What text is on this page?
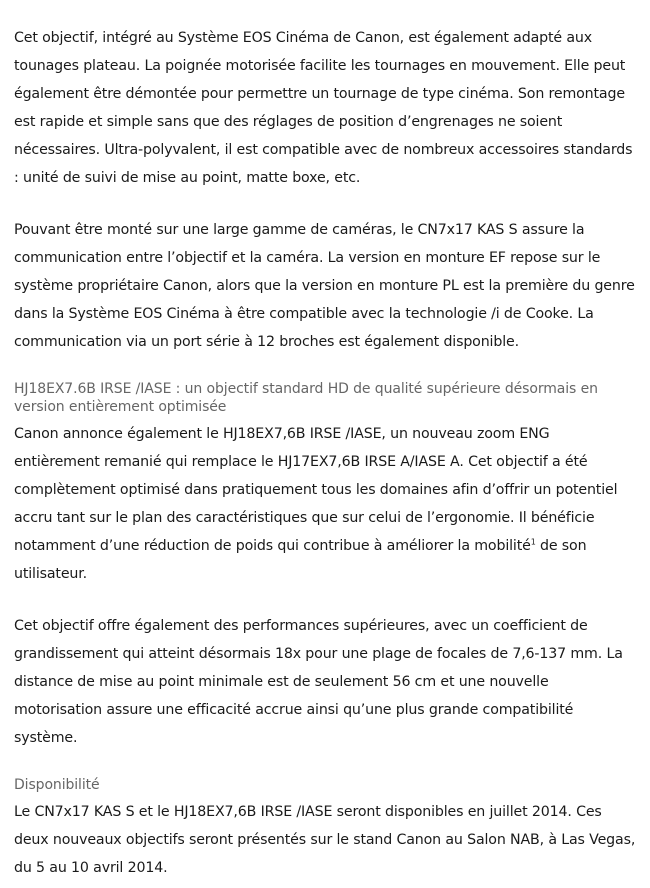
Cet objectif, intégré au Système EOS Cinéma de Canon, est également adapté aux tounages plateau. La poignée motorisée facilite les tournages en mouvement. Elle peut également être démontée pour permettre un tournage de type cinéma. Son remontage est rapide et simple sans que des réglages de position d’engrenages ne soient nécessaires. Ultra-polyvalent, il est compatible avec de nombreux accessoires standards : unité de suivi de mise au point, matte boxe, etc.

Pouvant être monté sur une large gamme de caméras, le CN7x17 KAS S assure la communication entre l’objectif et la caméra. La version en monture EF repose sur le système propriétaire Canon, alors que la version en monture PL est la première du genre dans la Système EOS Cinéma à être compatible avec la technologie /i de Cooke. La communication via un port série à 12 broches est également disponible.

HJ18EX7.6B IRSE /IASE : un objectif standard HD de qualité supérieure désormais en version entièrement optimisée

Canon annonce également le HJ18EX7,6B IRSE /IASE, un nouveau zoom ENG entièrement remanié qui remplace le HJ17EX7,6B IRSE A/IASE A. Cet objectif a été complètement optimisé dans pratiquement tous les domaines afin d’offrir un potentiel accru tant sur le plan des caractéristiques que sur celui de l’ergonomie. Il bénéficie notamment d’une réduction de poids qui contribue à améliorer la mobilité$^1$ de son utilisateur.

Cet objectif offre également des performances supérieures, avec un coefficient de grandissement qui atteint désormais 18x pour une plage de focales de 7,6-137 mm. La distance de mise au point minimale est de seulement 56 cm et une nouvelle motorisation assure une efficacité accrue ainsi qu’une plus grande compatibilité système.

Disponibilité

Le CN7x17 KAS S et le HJ18EX7,6B IRSE /IASE seront disponibles en juillet 2014. Ces deux nouveaux objectifs seront présentés sur le stand Canon au Salon NAB, à Las Vegas, du 5 au 10 avril 2014.
